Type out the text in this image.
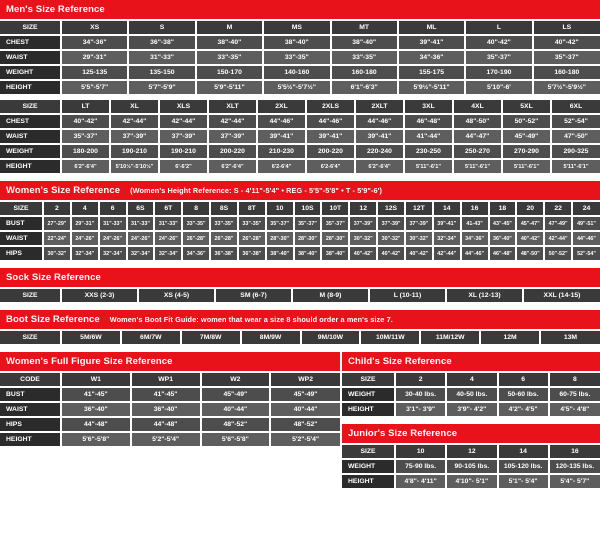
Men's Size Reference
SIZE	XS	S	M	MS	MT	ML	L	LS
CHEST	34"-36"	36"-38"	38"-40"	38"-40"	38"-40"	39"-41"	40"-42"	40"-42"
WAIST	29"-31"	31"-33"	33"-35"	33"-35"	33"-35"	34"-36"	35"-37"	35"-37"
WEIGHT	125-135	135-150	150-170	140-160	160-180	155-175	170-190	160-180
HEIGHT	5'5"-5'7"	5'7"-5'9"	5'9"-5'11"	5'5½"-5'7½"	6'1"-6'3"	5'9½"-5'11"	5'10"-6'	5'7½"-5'9½"
SIZE	LT	XL	XLS	XLT	2XL	2XLS	2XLT	3XL	4XL	5XL	6XL
CHEST	40"-42"	42"-44"	42"-44"	42"-44"	44"-46"	44"-46"	44"-46"	46"-48"	48"-50"	50"-52"	52"-54"
WAIST	35"-37"	37"-39"	37"-39"	37"-39"	39"-41"	39"-41"	39"-41"	41"-44"	44"-47"	45"-49"	47"-50"
WEIGHT	180-200	190-210	190-210	200-220	210-230	200-220	220-240	230-250	250-270	270-290	290-325
HEIGHT	6'2"-6'4"	5'10½"-5'10½"	6'-6'2"	6'2"-6'4"	6'2-6'4"	6'2-6'4"	6'2"-6'4"	5'11"-6'1"	5'11"-6'1"	5'11"-6'1"	5'11"-6'1"
Women's Size Reference (Women's Height Reference: S - 4'11"-5'4" • REG - 5'5"-5'8" • T - 5'9"-6')
SIZE	2	4	6	6S	6T	8	8S	8T	10	10S	10T	12	12S	12T	14	16	18	20	22	24
BUST	27"-29"	29"-31"	31"-33"	31"-33"	31"-33"	33"-35"	33"-35"	33"-35"	35"-37"	35"-37"	35"-37"	37"-39"	37"-39"	37"-39"	39"-41"	41-43"	43"-45"	45"-47"	47"-49"	49"-51"
WAIST	22"-24"	24"-26"	24"-26"	24"-26"	24"-26"	26"-28"	26"-28"	26"-28"	28"-30"	28"-30"	28"-30"	30"-32"	30"-32"	30"-32"	32"-34"	34"-36"	36"-40"	40"-42"	42"-44"	44"-46"
HIPS	30"-32"	32"-34"	32"-34"	32"-34"	32"-34"	34"-36"	36"-38"	36"-38"	38"-40"	38"-40"	38"-40"	40"-42"	40"-42"	40"-42"	42"-44"	44"-46"	46"-48"	48"-50"	50"-52"	52"-54"
Sock Size Reference
SIZE	XXS (2-3)	XS (4-5)	SM (6-7)	M (8-9)	L (10-11)	XL (12-13)	XXL (14-15)
Boot Size Reference Women's Boot Fit Guide: women that wear a size 8 should order a men's size 7.
SIZE	5M/6W	6M/7W	7M/8W	8M/9W	9M/10W	10M/11W	11M/12W	12M	13M
Women's Full Figure Size Reference
CODE	W1	WP1	W2	WP2
BUST	41"-45"	41"-45"	45"-49"	45"-49"
WAIST	36"-40"	36"-40"	40"-44"	40"-44"
HIPS	44"-48"	44"-48"	48"-52"	48"-52"
HEIGHT	5'6"-5'8"	5'2"-5'4"	5'6"-5'8"	5'2"-5'4"
Child's Size Reference
SIZE	2	4	6	8
WEIGHT	30-40 lbs.	40-50 lbs.	50-60 lbs.	60-75 lbs.
HEIGHT	3'1"- 3'9"	3'9"- 4'2"	4'2"- 4'5"	4'5"- 4'8"
Junior's Size Reference
SIZE	10	12	14	16
WEIGHT	75-90 lbs.	90-105 lbs.	105-120 lbs.	120-135 lbs.
HEIGHT	4'8"- 4'11"	4'10"- 5'1"	5'1"- 5'4"	5'4"- 5'7"
